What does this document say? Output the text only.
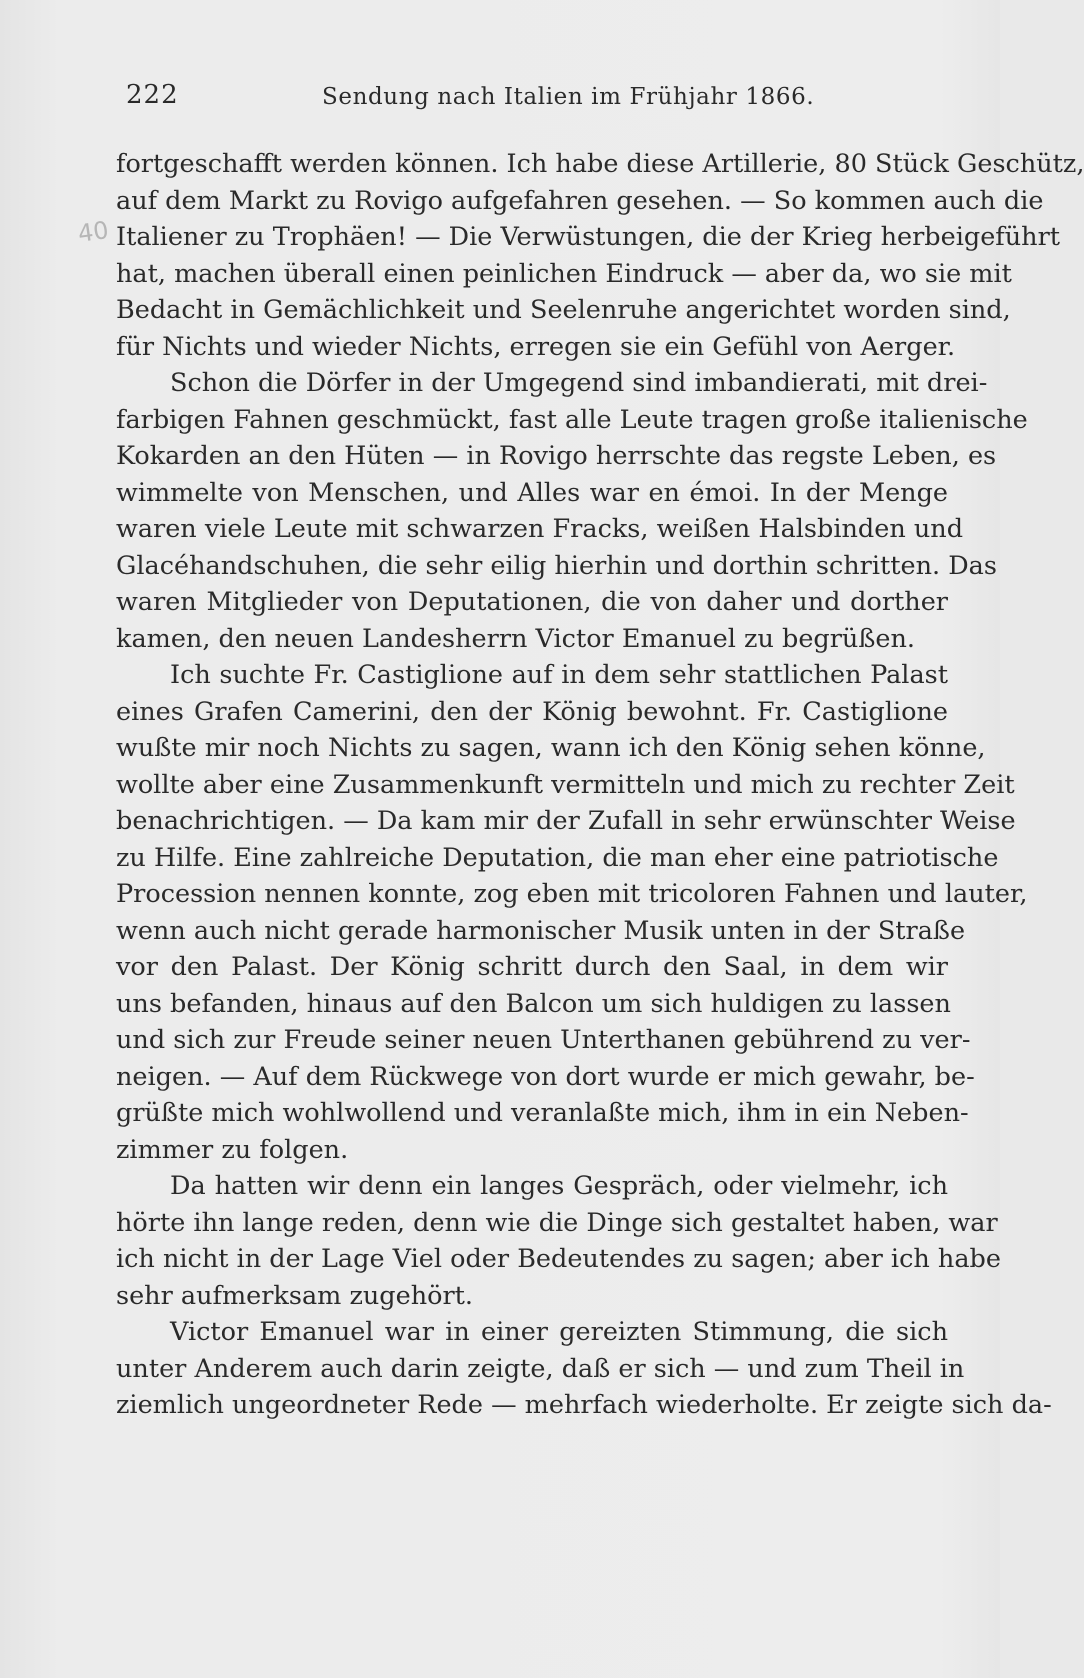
222	Sendung nach Italien im Frühjahr 1866.
40
fortgeschafft werden können. Ich habe diese Artillerie, 80 Stück Geschütz,
auf dem Markt zu Rovigo aufgefahren gesehen. — So kommen auch die
Italiener zu Trophäen! — Die Verwüstungen, die der Krieg herbeigeführt
hat, machen überall einen peinlichen Eindruck — aber da, wo sie mit
Bedacht in Gemächlichkeit und Seelenruhe angerichtet worden sind,
für Nichts und wieder Nichts, erregen sie ein Gefühl von Aerger.
Schon die Dörfer in der Umgegend sind imbandierati, mit drei-
farbigen Fahnen geschmückt, fast alle Leute tragen große italienische
Kokarden an den Hüten — in Rovigo herrschte das regste Leben, es
wimmelte von Menschen, und Alles war en émoi. In der Menge
waren viele Leute mit schwarzen Fracks, weißen Halsbinden und
Glacéhandschuhen, die sehr eilig hierhin und dorthin schritten. Das
waren Mitglieder von Deputationen, die von daher und dorther
kamen, den neuen Landesherrn Victor Emanuel zu begrüßen.
Ich suchte Fr. Castiglione auf in dem sehr stattlichen Palast
eines Grafen Camerini, den der König bewohnt. Fr. Castiglione
wußte mir noch Nichts zu sagen, wann ich den König sehen könne,
wollte aber eine Zusammenkunft vermitteln und mich zu rechter Zeit
benachrichtigen. — Da kam mir der Zufall in sehr erwünschter Weise
zu Hilfe. Eine zahlreiche Deputation, die man eher eine patriotische
Procession nennen konnte, zog eben mit tricoloren Fahnen und lauter,
wenn auch nicht gerade harmonischer Musik unten in der Straße
vor den Palast. Der König schritt durch den Saal, in dem wir
uns befanden, hinaus auf den Balcon um sich huldigen zu lassen
und sich zur Freude seiner neuen Unterthanen gebührend zu ver-
neigen. — Auf dem Rückwege von dort wurde er mich gewahr, be-
grüßte mich wohlwollend und veranlaßte mich, ihm in ein Neben-
zimmer zu folgen.
Da hatten wir denn ein langes Gespräch, oder vielmehr, ich
hörte ihn lange reden, denn wie die Dinge sich gestaltet haben, war
ich nicht in der Lage Viel oder Bedeutendes zu sagen; aber ich habe
sehr aufmerksam zugehört.
Victor Emanuel war in einer gereizten Stimmung, die sich
unter Anderem auch darin zeigte, daß er sich — und zum Theil in
ziemlich ungeordneter Rede — mehrfach wiederholte. Er zeigte sich da-
